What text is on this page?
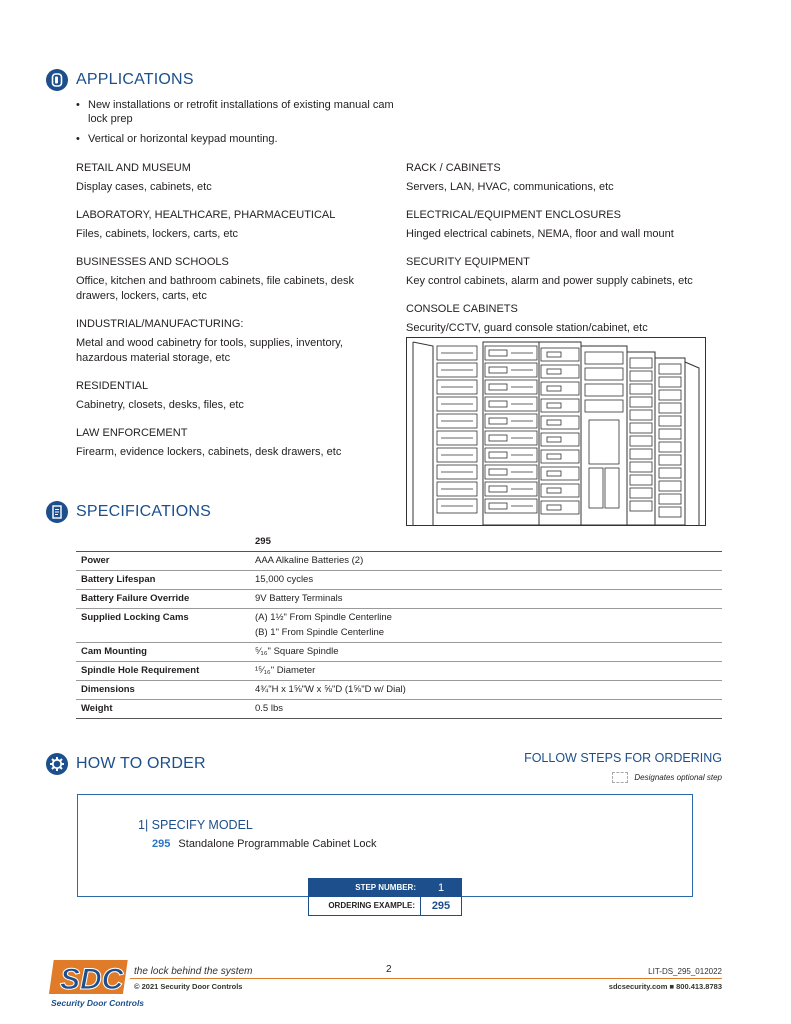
APPLICATIONS
• New installations or retrofit installations of existing manual cam lock prep
• Vertical or horizontal keypad mounting.
RETAIL AND MUSEUM
Display cases, cabinets, etc
LABORATORY, HEALTHCARE, PHARMACEUTICAL
Files, cabinets, lockers, carts, etc
BUSINESSES AND SCHOOLS
Office, kitchen and bathroom cabinets, file cabinets, desk drawers, lockers, carts, etc
INDUSTRIAL/MANUFACTURING:
Metal and wood cabinetry for tools, supplies, inventory, hazardous material storage, etc
RESIDENTIAL
Cabinetry, closets, desks, files, etc
LAW ENFORCEMENT
Firearm, evidence lockers, cabinets, desk drawers, etc
RACK / CABINETS
Servers, LAN, HVAC, communications, etc
ELECTRICAL/EQUIPMENT ENCLOSURES
Hinged electrical cabinets, NEMA, floor and wall mount
SECURITY EQUIPMENT
Key control cabinets, alarm and power supply cabinets, etc
CONSOLE CABINETS
Security/CCTV, guard console station/cabinet, etc
SPECIFICATIONS
	295
Power	AAA Alkaline Batteries (2)
Battery Lifespan	15,000 cycles
Battery Failure Override	9V Battery Terminals
Supplied Locking Cams	(A) 1½" From Spindle Centerline
(B) 1" From Spindle Centerline

Cam Mounting	⁵⁄₁₆" Square Spindle
Spindle Hole Requirement	¹⁵⁄₁₆" Diameter
Dimensions	4¾"H x 1⅝"W x ⅝"D (1⅝"D w/ Dial)
Weight	0.5 lbs
HOW TO ORDER	FOLLOW STEPS FOR ORDERING
Designates optional step
1| SPECIFY MODEL
295 Standalone Programmable Cabinet Lock
STEP NUMBER:	1
ORDERING EXAMPLE:	295
SDC
Security Door Controls
the lock behind the system
© 2021 Security Door Controls
2	LIT-DS_295_012022
sdcsecurity.com ■ 800.413.8783
